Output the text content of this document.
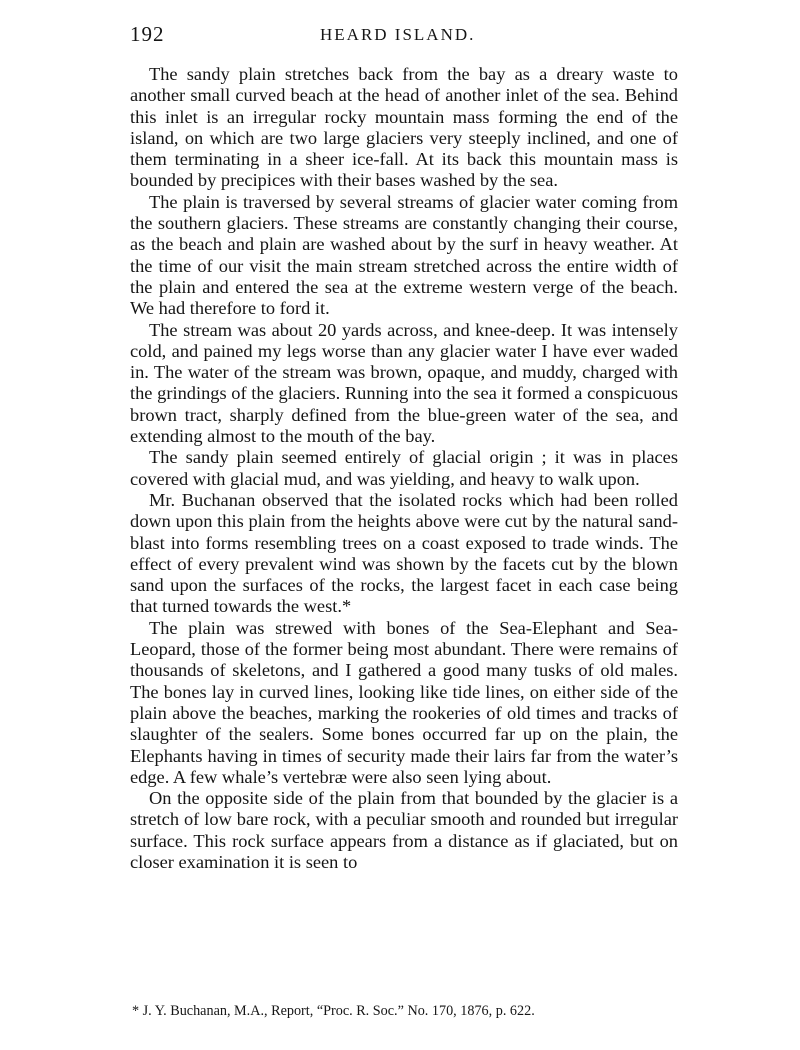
192	HEARD ISLAND.

The sandy plain stretches back from the bay as a dreary waste to another small curved beach at the head of another inlet of the sea. Behind this inlet is an irregular rocky mountain mass forming the end of the island, on which are two large glaciers very steeply inclined, and one of them terminating in a sheer ice-fall. At its back this mountain mass is bounded by precipices with their bases washed by the sea.

The plain is traversed by several streams of glacier water coming from the southern glaciers. These streams are constantly changing their course, as the beach and plain are washed about by the surf in heavy weather. At the time of our visit the main stream stretched across the entire width of the plain and entered the sea at the extreme western verge of the beach. We had therefore to ford it.

The stream was about 20 yards across, and knee-deep. It was intensely cold, and pained my legs worse than any glacier water I have ever waded in. The water of the stream was brown, opaque, and muddy, charged with the grindings of the glaciers. Running into the sea it formed a conspicuous brown tract, sharply defined from the blue-green water of the sea, and extending almost to the mouth of the bay.

The sandy plain seemed entirely of glacial origin ; it was in places covered with glacial mud, and was yielding, and heavy to walk upon.

Mr. Buchanan observed that the isolated rocks which had been rolled down upon this plain from the heights above were cut by the natural sand-blast into forms resembling trees on a coast exposed to trade winds. The effect of every prevalent wind was shown by the facets cut by the blown sand upon the surfaces of the rocks, the largest facet in each case being that turned towards the west.*

The plain was strewed with bones of the Sea-Elephant and Sea-Leopard, those of the former being most abundant. There were remains of thousands of skeletons, and I gathered a good many tusks of old males. The bones lay in curved lines, looking like tide lines, on either side of the plain above the beaches, marking the rookeries of old times and tracks of slaughter of the sealers. Some bones occurred far up on the plain, the Elephants having in times of security made their lairs far from the water’s edge. A few whale’s vertebræ were also seen lying about.

On the opposite side of the plain from that bounded by the glacier is a stretch of low bare rock, with a peculiar smooth and rounded but irregular surface. This rock surface appears from a distance as if glaciated, but on closer examination it is seen to

* J. Y. Buchanan, M.A., Report, “Proc. R. Soc.” No. 170, 1876, p. 622.
